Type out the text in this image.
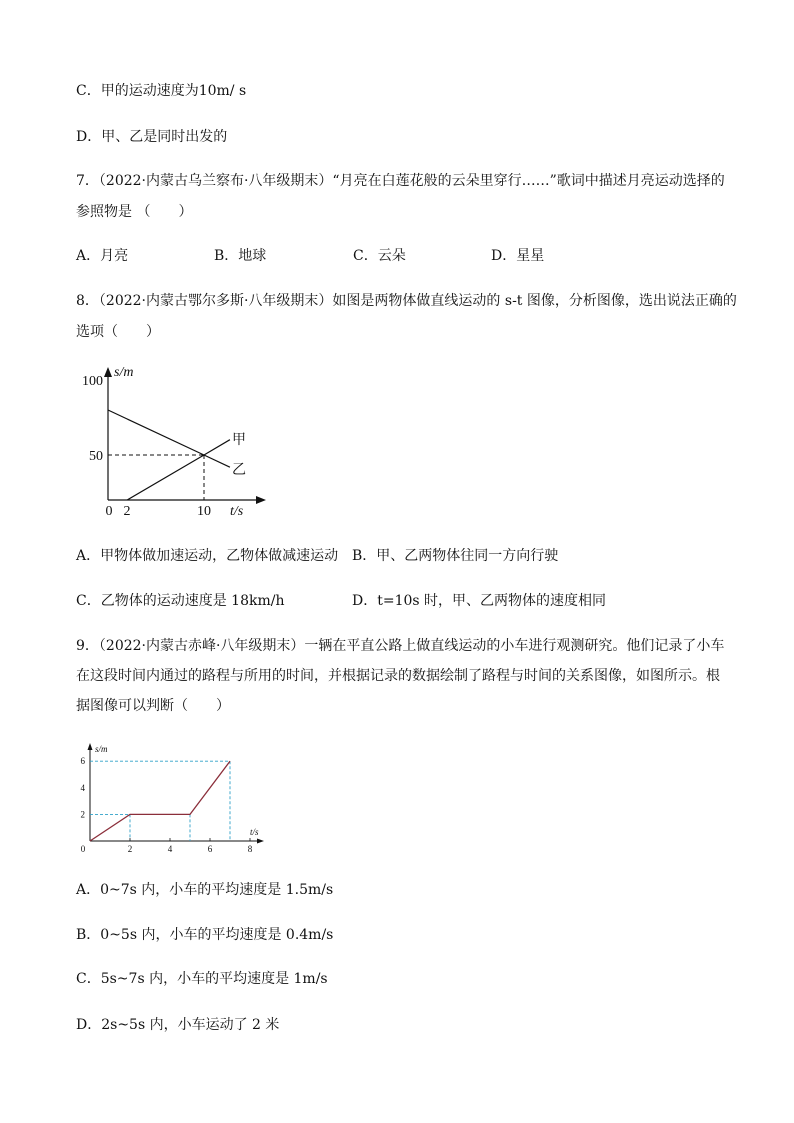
C．甲的运动速度为10m/ s
D．甲、乙是同时出发的
7．（2022·内蒙古乌兰察布·八年级期末）“月亮在白莲花般的云朵里穿行……”歌词中描述月亮运动选择的
参照物是 （　　）
A．月亮	B．地球	C．云朵	D．星星
8．（2022·内蒙古鄂尔多斯·八年级期末）如图是两物体做直线运动的 s-t 图像，分析图像，选出说法正确的
选项（　　）
s/m
100
50
0 2	10 t/s
甲
乙
A．甲物体做加速运动，乙物体做减速运动 B．甲、乙两物体往同一方向行驶
C．乙物体的运动速度是 18km/h	D．t=10s 时，甲、乙两物体的速度相同
9．（2022·内蒙古赤峰·八年级期末）一辆在平直公路上做直线运动的小车进行观测研究。他们记录了小车
在这段时间内通过的路程与所用的时间，并根据记录的数据绘制了路程与时间的关系图像，如图所示。根
据图像可以判断（　　）
s/m
t/s
0	2	4	6	8
2
4
6
A．0~7s 内，小车的平均速度是 1.5m/s
B．0~5s 内，小车的平均速度是 0.4m/s
C．5s~7s 内，小车的平均速度是 1m/s
D．2s~5s 内，小车运动了 2 米
